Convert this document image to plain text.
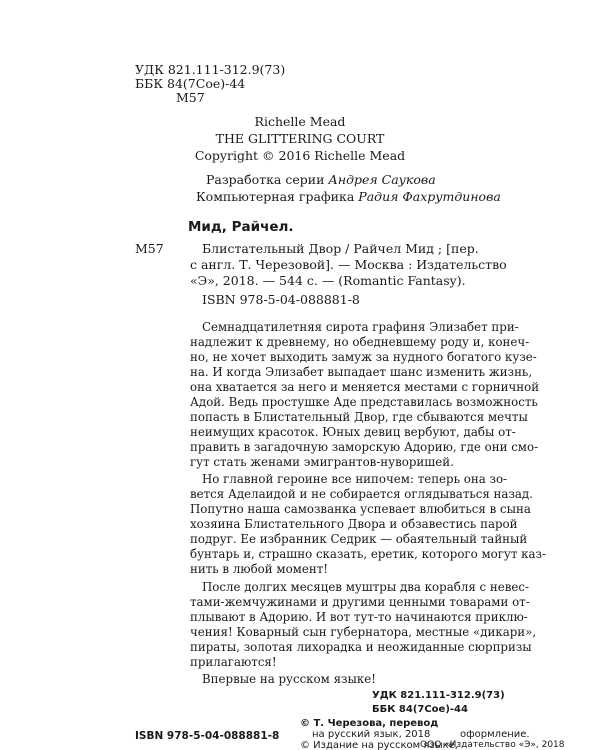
УДК 821.111-312.9(73)
ББК 84(7Сое)-44
М57
Richelle Mead
THE GLITTERING COURT
Copyright © 2016 Richelle Mead
Разработка серии Андрея Саукова
Компьютерная графика Радия Фахрутдинова
Мид, Райчел.
М57	Блистательный Двор / Райчел Мид ; [пер.
с англ. Т. Черезовой]. — Москва : Издательство
«Э», 2018. — 544 с. — (Romantic Fantasy).
ISBN 978-5-04-088881-8
Семнадцатилетняя сирота графиня Элизабет при-
надлежит к древнему, но обедневшему роду и, конеч-
но, не хочет выходить замуж за нудного богатого кузе-
на. И когда Элизабет выпадает шанс изменить жизнь,
она хватается за него и меняется местами с горничной
Адой. Ведь простушке Аде представилась возможность
попасть в Блистательный Двор, где сбываются мечты
неимущих красоток. Юных девиц вербуют, дабы от-
править в загадочную заморскую Адорию, где они смо-
гут стать женами эмигрантов-нуворишей.
Но главной героине все нипочем: теперь она зо-
вется Аделаидой и не собирается оглядываться назад.
Попутно наша самозванка успевает влюбиться в сына
хозяина Блистательного Двора и обзавестись парой
подруг. Ее избранник Седрик — обаятельный тайный
бунтарь и, страшно сказать, еретик, которого могут каз-
нить в любой момент!
После долгих месяцев муштры два корабля с невес-
тами-жемчужинами и другими ценными товарами от-
плывают в Адорию. И вот тут-то начинаются приклю-
чения! Коварный сын губернатора, местные «дикари»,
пираты, золотая лихорадка и неожиданные сюрпризы
прилагаются!
Впервые на русском языке!
УДК 821.111-312.9(73)
ББК 84(7Сое)-44
ISBN 978-5-04-088881-8
© Т. Черезова, перевод
на русский язык, 2018
© Издание на русском языке,
оформление.
ООО «Издательство «Э», 2018
